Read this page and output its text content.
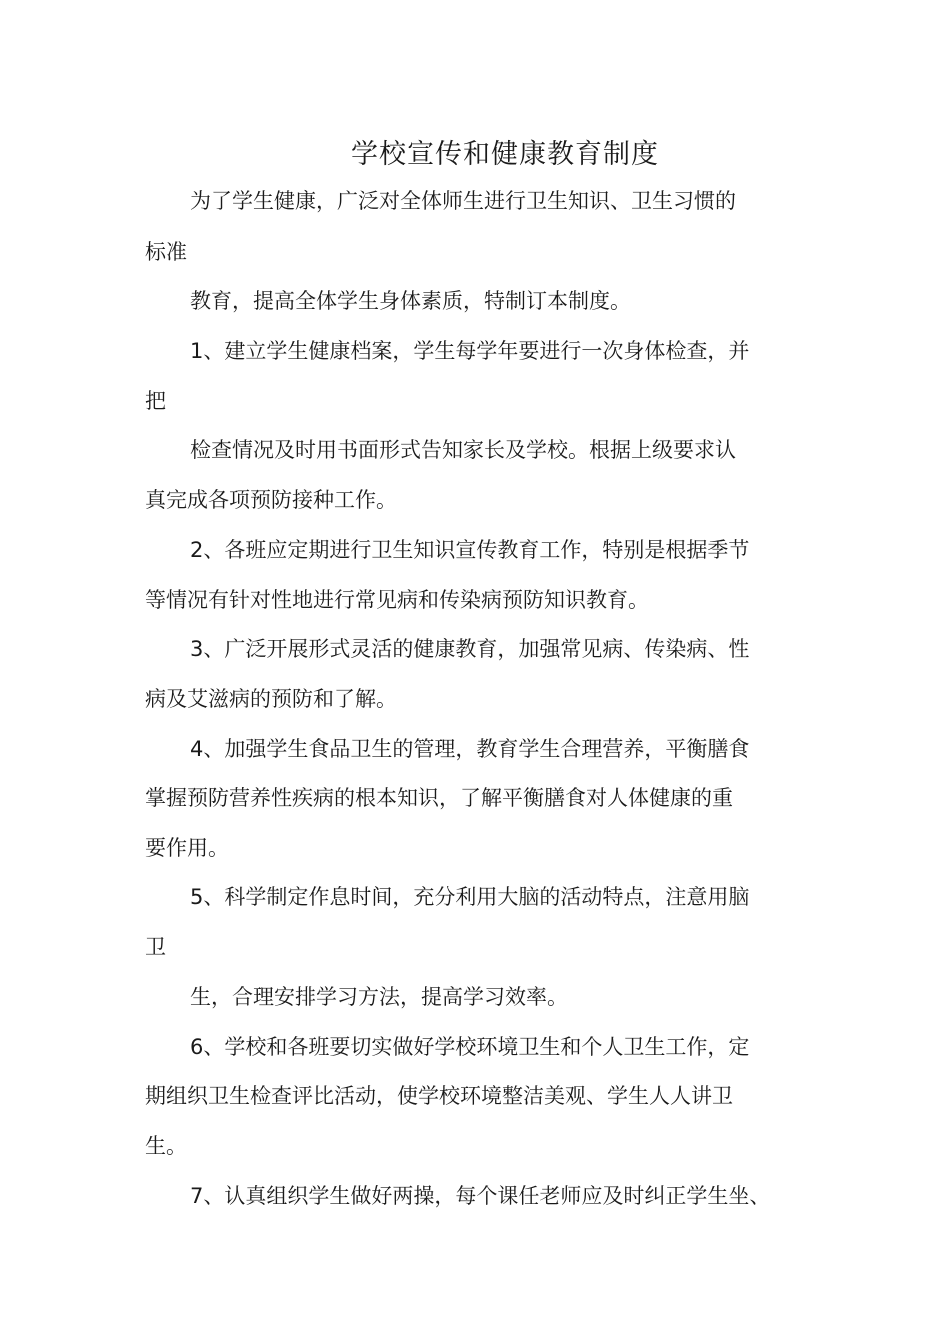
学校宣传和健康教育制度
为了学生健康，广泛对全体师生进行卫生知识、卫生习惯的
标准
教育，提高全体学生身体素质，特制订本制度。
1、建立学生健康档案，学生每学年要进行一次身体检查，并
把
检查情况及时用书面形式告知家长及学校。根据上级要求认
真完成各项预防接种工作。
2、各班应定期进行卫生知识宣传教育工作，特别是根据季节
等情况有针对性地进行常见病和传染病预防知识教育。
3、广泛开展形式灵活的健康教育，加强常见病、传染病、性
病及艾滋病的预防和了解。
4、加强学生食品卫生的管理，教育学生合理营养，平衡膳食
掌握预防营养性疾病的根本知识，了解平衡膳食对人体健康的重
要作用。
5、科学制定作息时间，充分利用大脑的活动特点，注意用脑
卫
生，合理安排学习方法，提高学习效率。
6、学校和各班要切实做好学校环境卫生和个人卫生工作，定
期组织卫生检查评比活动，使学校环境整洁美观、学生人人讲卫
生。
7、认真组织学生做好两操，每个课任老师应及时纠正学生坐、
